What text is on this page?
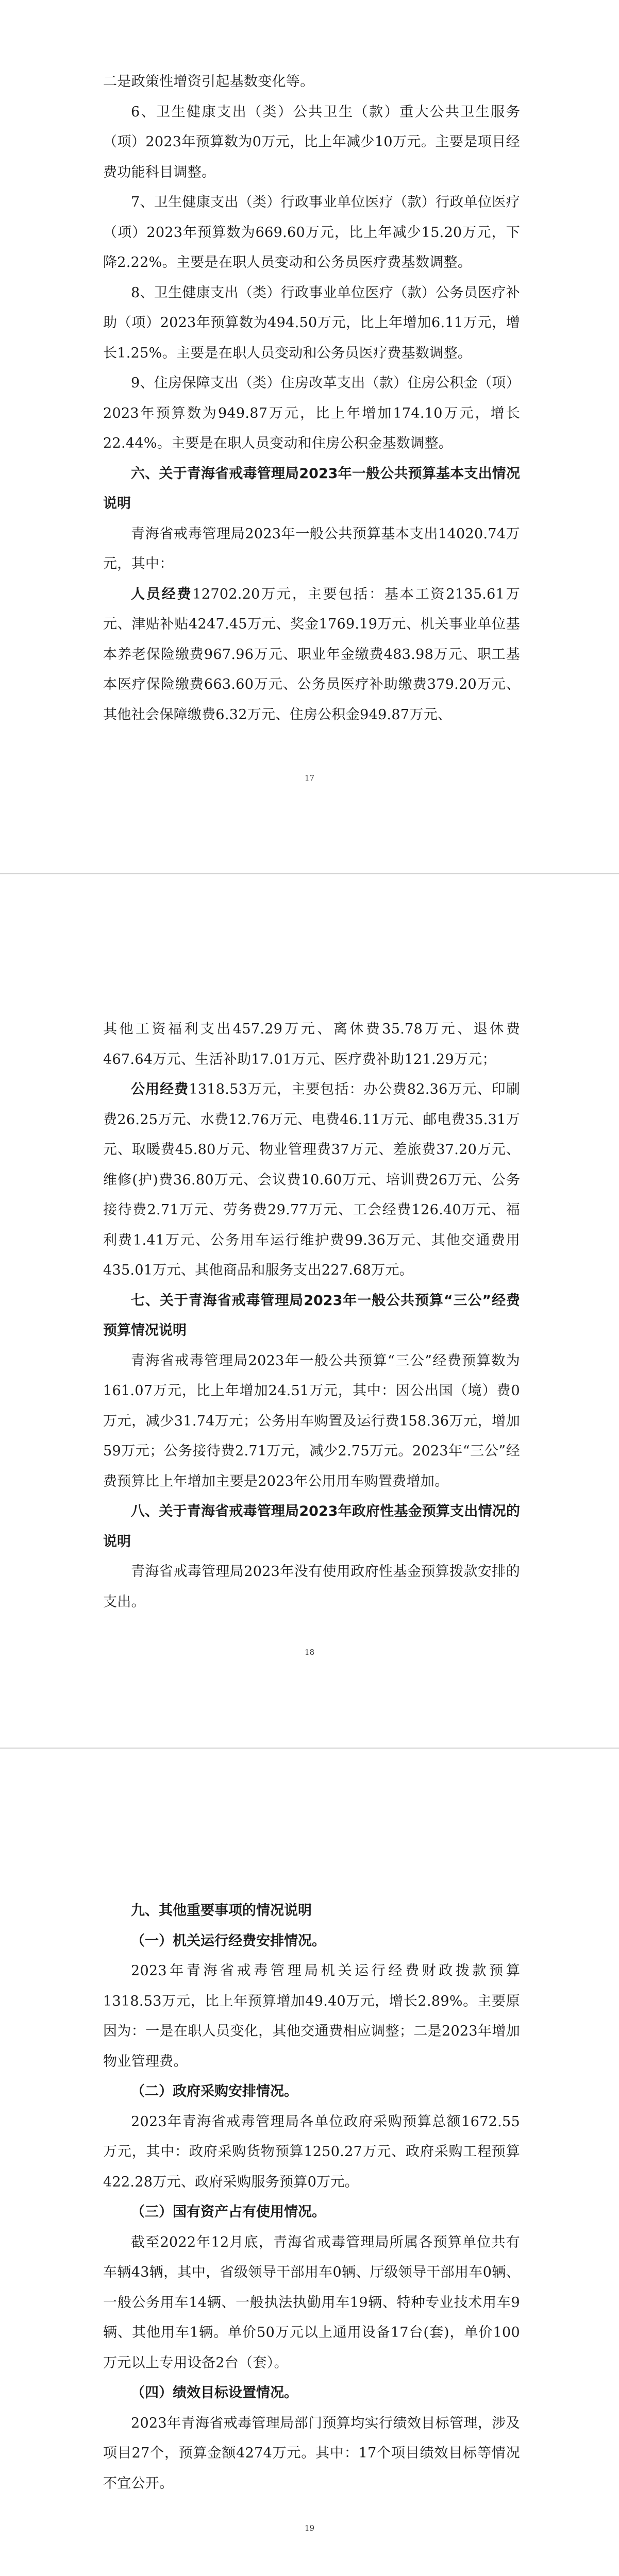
二是政策性增资引起基数变化等。

6、卫生健康支出（类）公共卫生（款）重大公共卫生服务（项）2023年预算数为0万元，比上年减少10万元。主要是项目经费功能科目调整。

7、卫生健康支出（类）行政事业单位医疗（款）行政单位医疗（项）2023年预算数为669.60万元，比上年减少15.20万元，下降2.22%。主要是在职人员变动和公务员医疗费基数调整。

8、卫生健康支出（类）行政事业单位医疗（款）公务员医疗补助（项）2023年预算数为494.50万元，比上年增加6.11万元，增长1.25%。主要是在职人员变动和公务员医疗费基数调整。

9、住房保障支出（类）住房改革支出（款）住房公积金（项）2023年预算数为949.87万元，比上年增加174.10万元，增长22.44%。主要是在职人员变动和住房公积金基数调整。

六、关于青海省戒毒管理局2023年一般公共预算基本支出情况说明

青海省戒毒管理局2023年一般公共预算基本支出14020.74万元，其中：

人员经费12702.20万元，主要包括：基本工资2135.61万元、津贴补贴4247.45万元、奖金1769.19万元、机关事业单位基本养老保险缴费967.96万元、职业年金缴费483.98万元、职工基本医疗保险缴费663.60万元、公务员医疗补助缴费379.20万元、其他社会保障缴费6.32万元、住房公积金949.87万元、

17

其他工资福利支出457.29万元、离休费35.78万元、退休费467.64万元、生活补助17.01万元、医疗费补助121.29万元；

公用经费1318.53万元，主要包括：办公费82.36万元、印刷费26.25万元、水费12.76万元、电费46.11万元、邮电费35.31万元、取暖费45.80万元、物业管理费37万元、差旅费37.20万元、维修(护)费36.80万元、会议费10.60万元、培训费26万元、公务接待费2.71万元、劳务费29.77万元、工会经费126.40万元、福利费1.41万元、公务用车运行维护费99.36万元、其他交通费用435.01万元、其他商品和服务支出227.68万元。

七、关于青海省戒毒管理局2023年一般公共预算“三公”经费预算情况说明

青海省戒毒管理局2023年一般公共预算“三公”经费预算数为161.07万元，比上年增加24.51万元，其中：因公出国（境）费0万元，减少31.74万元；公务用车购置及运行费158.36万元，增加59万元；公务接待费2.71万元，减少2.75万元。2023年“三公”经费预算比上年增加主要是2023年公用用车购置费增加。

八、关于青海省戒毒管理局2023年政府性基金预算支出情况的说明

青海省戒毒管理局2023年没有使用政府性基金预算拨款安排的支出。

18

九、其他重要事项的情况说明

（一）机关运行经费安排情况。

2023年青海省戒毒管理局机关运行经费财政拨款预算1318.53万元，比上年预算增加49.40万元，增长2.89%。主要原因为：一是在职人员变化，其他交通费相应调整；二是2023年增加物业管理费。

（二）政府采购安排情况。

2023年青海省戒毒管理局各单位政府采购预算总额1672.55万元，其中：政府采购货物预算1250.27万元、政府采购工程预算422.28万元、政府采购服务预算0万元。

（三）国有资产占有使用情况。

截至2022年12月底，青海省戒毒管理局所属各预算单位共有车辆43辆，其中，省级领导干部用车0辆、厅级领导干部用车0辆、一般公务用车14辆、一般执法执勤用车19辆、特种专业技术用车9辆、其他用车1辆。单价50万元以上通用设备17台(套)，单价100万元以上专用设备2台（套）。

（四）绩效目标设置情况。

2023年青海省戒毒管理局部门预算均实行绩效目标管理，涉及项目27个，预算金额4274万元。其中：17个项目绩效目标等情况不宜公开。

19
